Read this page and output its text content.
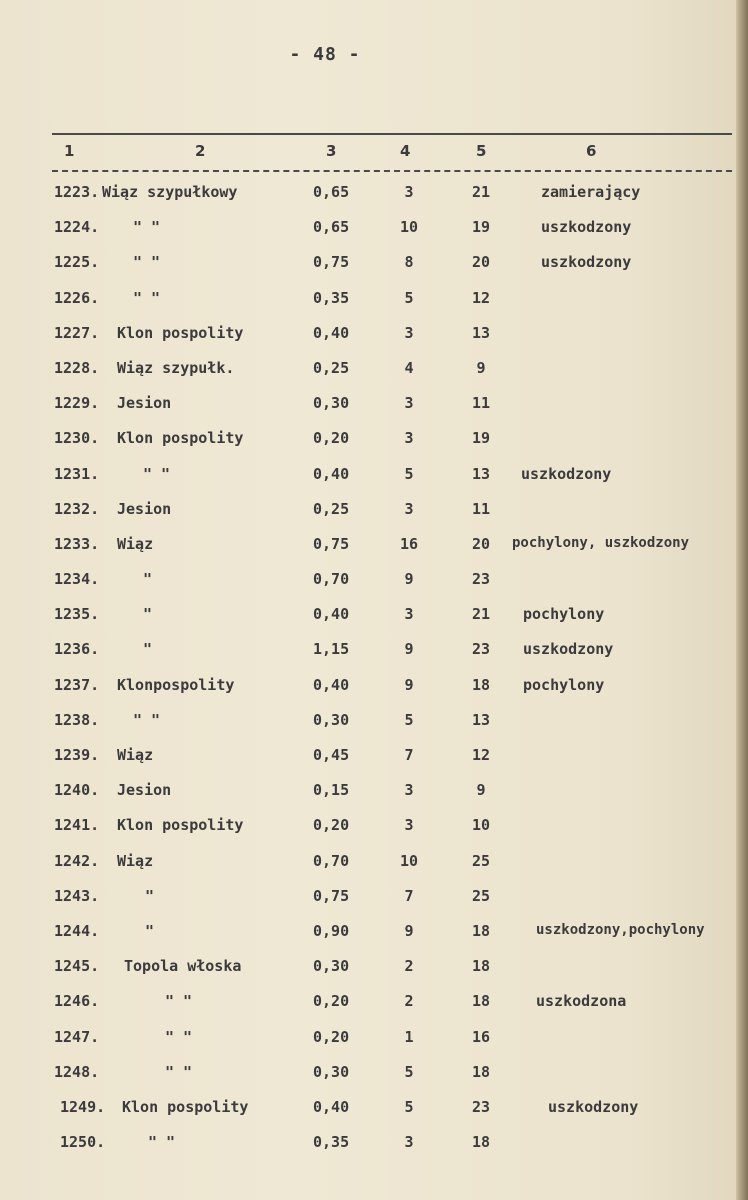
- 48 -
1	2	3	4	5	6
1223. Wiąz szypułkowy	0,65	3	21	zamierający
1224. " "	0,65	10	19	uszkodzony
1225. " "	0,75	8	20	uszkodzony
1226. " "	0,35	5	12
1227. Klon pospolity	0,40	3	13
1228. Wiąz szypułk.	0,25	4	9
1229. Jesion	0,30	3	11
1230. Klon pospolity	0,20	3	19
1231.	" "	0,40	5	13	uszkodzony
1232. Jesion	0,25	3	11
1233. Wiąz	0,75	16	20	pochylony, uszkodzony
1234.	"	0,70	9	23
1235.	"	0,40	3	21	pochylony
1236.	"	1,15	9	23	uszkodzony
1237. Klonpospolity	0,40	9	18	pochylony
1238. " "	0,30	5	13
1239. Wiąz	0,45	7	12
1240. Jesion	0,15	3	9
1241. Klon pospolity	0,20	3	10
1242. Wiąz	0,70	10	25
1243.	"	0,75	7	25
1244.	"	0,90	9	18	uszkodzony,pochylony
1245. Topola włoska	0,30	2	18
1246.	" "	0,20	2	18	uszkodzona
1247.	" "	0,20	1	16
1248.	" "	0,30	5	18
1249. Klon pospolity	0,40	5	23	uszkodzony
1250.	" "	0,35	3	18
